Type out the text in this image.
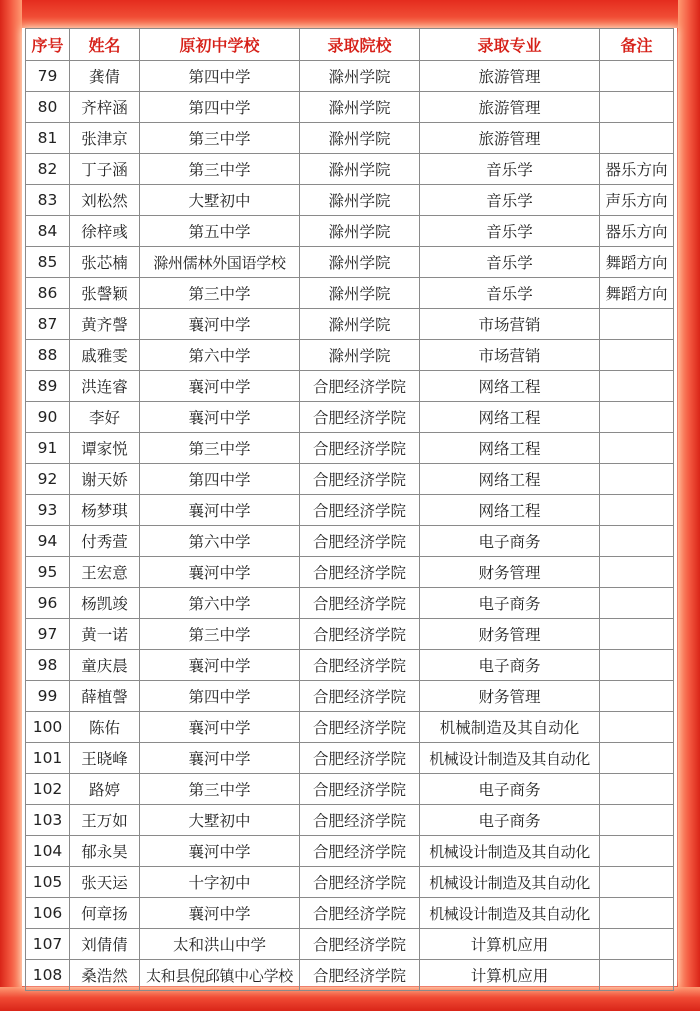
序号	姓名	原初中学校	录取院校	录取专业	备注
79	龚倩	第四中学	滁州学院	旅游管理	
80	齐梓涵	第四中学	滁州学院	旅游管理	
81	张津京	第三中学	滁州学院	旅游管理	
82	丁子涵	第三中学	滁州学院	音乐学	器乐方向
83	刘松然	大墅初中	滁州学院	音乐学	声乐方向
84	徐梓彧	第五中学	滁州学院	音乐学	器乐方向
85	张芯楠	滁州儒林外国语学校	滁州学院	音乐学	舞蹈方向
86	张謦颖	第三中学	滁州学院	音乐学	舞蹈方向
87	黄齐謦	襄河中学	滁州学院	市场营销	
88	戚雅雯	第六中学	滁州学院	市场营销	
89	洪连睿	襄河中学	合肥经济学院	网络工程	
90	李好	襄河中学	合肥经济学院	网络工程	
91	谭家悦	第三中学	合肥经济学院	网络工程	
92	谢天娇	第四中学	合肥经济学院	网络工程	
93	杨梦琪	襄河中学	合肥经济学院	网络工程	
94	付秀萱	第六中学	合肥经济学院	电子商务	
95	王宏意	襄河中学	合肥经济学院	财务管理	
96	杨凯竣	第六中学	合肥经济学院	电子商务	
97	黄一诺	第三中学	合肥经济学院	财务管理	
98	童庆晨	襄河中学	合肥经济学院	电子商务	
99	薛植謦	第四中学	合肥经济学院	财务管理	
100	陈佑	襄河中学	合肥经济学院	机械制造及其自动化	
101	王晓峰	襄河中学	合肥经济学院	机械设计制造及其自动化	
102	路婷	第三中学	合肥经济学院	电子商务	
103	王万如	大墅初中	合肥经济学院	电子商务	
104	郁永昊	襄河中学	合肥经济学院	机械设计制造及其自动化	
105	张天运	十字初中	合肥经济学院	机械设计制造及其自动化	
106	何章扬	襄河中学	合肥经济学院	机械设计制造及其自动化	
107	刘倩倩	太和洪山中学	合肥经济学院	计算机应用	
108	桑浩然	太和县倪邱镇中心学校	合肥经济学院	计算机应用	
